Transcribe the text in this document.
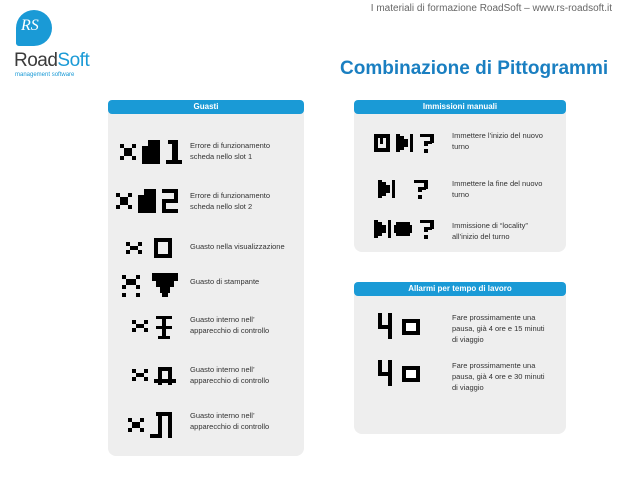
I materiali di formazione RoadSoft – www.rs-roadsoft.it
RS
RoadSoft
management software	Combinazione di Pittogrammi
Guasti
Errore di funzionamento
scheda nello slot 1
Errore di funzionamento
scheda nello slot 2
Guasto nella visualizzazione
Guasto di stampante
Guasto interno nell’
apparecchio di controllo
Guasto interno nell’
apparecchio di controllo
Guasto interno nell’
apparecchio di controllo
Immissioni manuali
Immettere l’inizio del nuovo
turno
Immettere la fine del nuovo
turno
Immissione di “locality”
all’inizio del turno
Allarmi per tempo di lavoro
Fare prossimamente una
pausa, già 4 ore e 15 minuti
di viaggio
Fare prossimamente una
pausa, già 4 ore e 30 minuti
di viaggio
